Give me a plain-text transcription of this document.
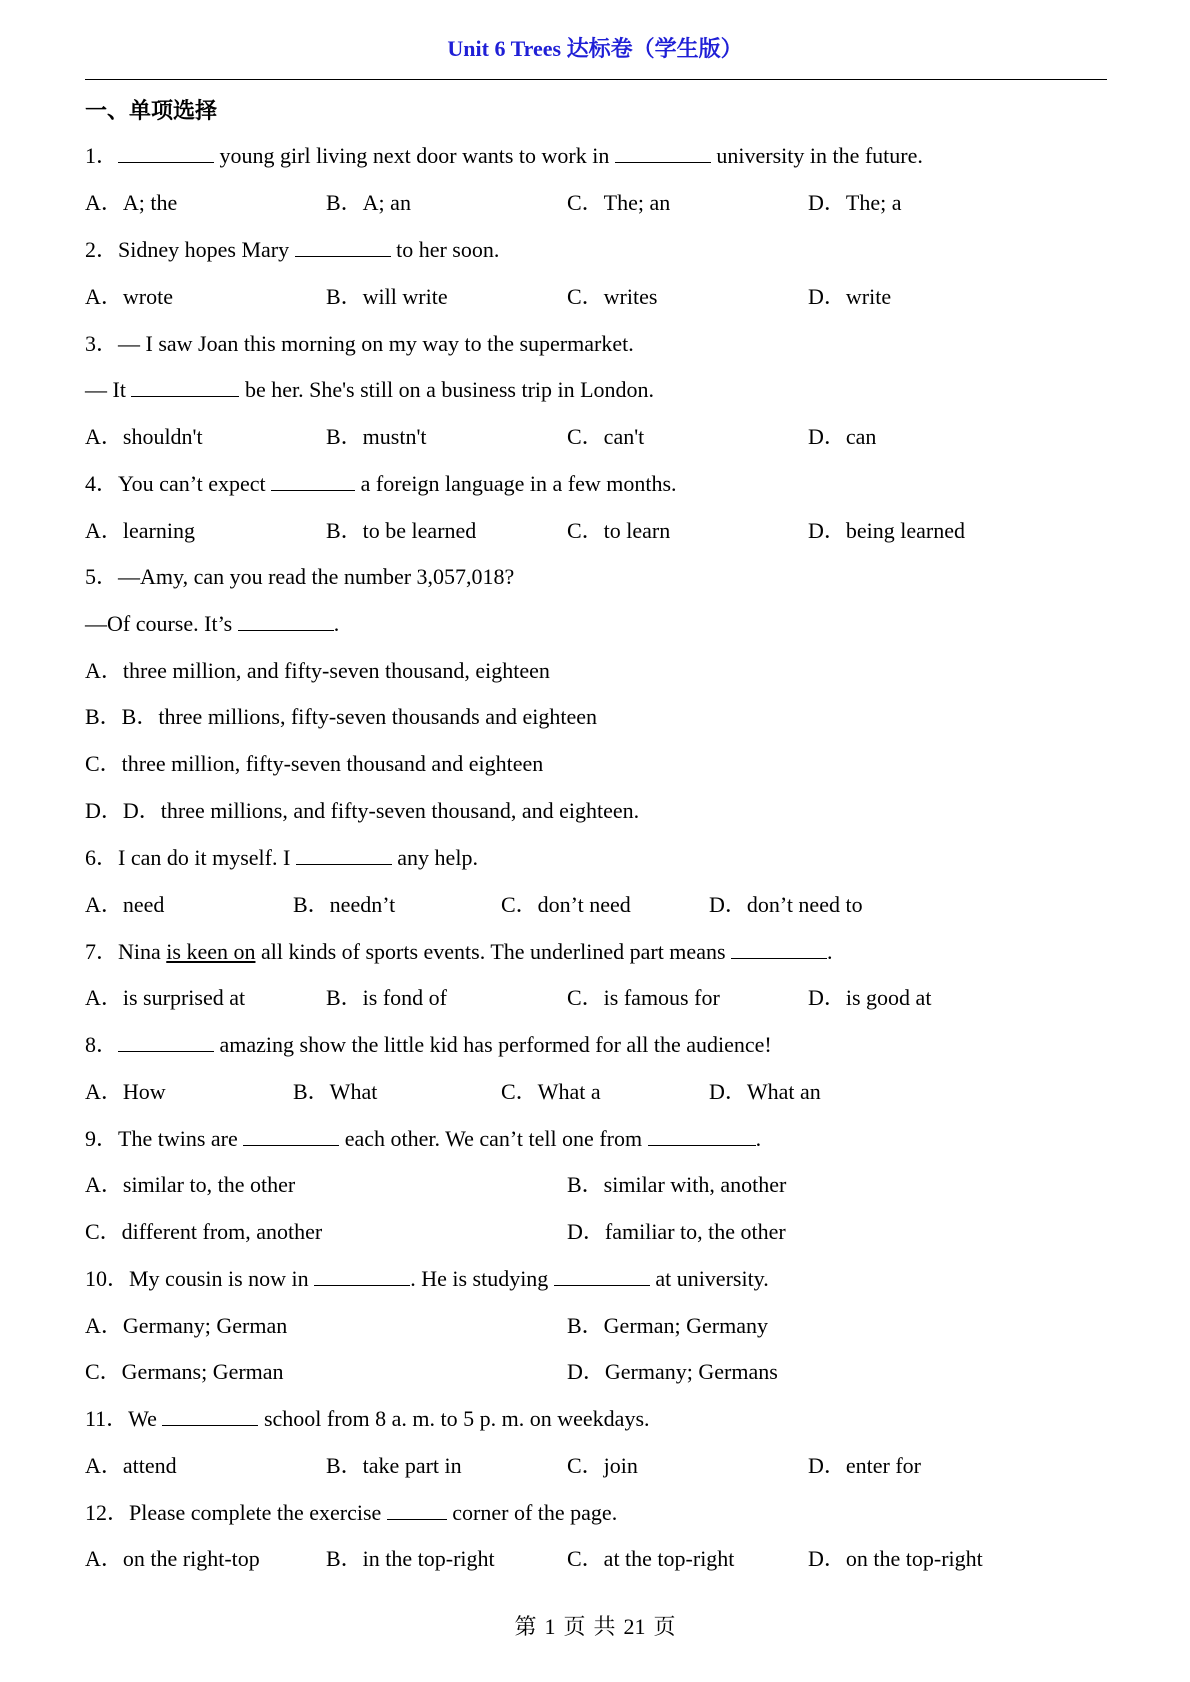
Unit 6 Trees 达标卷（学生版）
一、单项选择
1．	young girl living next door wants to work in	university in the future.
A．A; the	B．A; an	C．The; an	D．The; a
2．Sidney hopes Mary	to her soon.
A．wrote	B．will write	C．writes	D．write
3．— I saw Joan this morning on my way to the supermarket.
— It	be her. She's still on a business trip in London.
A．shouldn't	B．mustn't	C．can't	D．can
4．You can’t expect	a foreign language in a few months.
A．learning	B．to be learned	C．to learn	D．being learned
5．—Amy, can you read the number 3,057,018?
—Of course. It’s	.
A．three million, and fifty-seven thousand, eighteen
B．B．three millions, fifty-seven thousands and eighteen
C．three million, fifty-seven thousand and eighteen
D．D．three millions, and fifty-seven thousand, and eighteen.
6．I can do it myself. I	any help.
A．need	B．needn’t	C．don’t need	D．don’t need to
7．Nina is keen on all kinds of sports events. The underlined part means	.
A．is surprised at	B．is fond of	C．is famous for	D．is good at
8．	amazing show the little kid has performed for all the audience!
A．How	B．What	C．What a	D．What an
9．The twins are	each other. We can’t tell one from	.
A．similar to, the other	B．similar with, another
C．different from, another	D．familiar to, the other
10．My cousin is now in	. He is studying	at university.
A．Germany; German	B．German; Germany
C．Germans; German	D．Germany; Germans
11．We	school from 8 a. m. to 5 p. m. on weekdays.
A．attend	B．take part in	C．join	D．enter for
12．Please complete the exercise	corner of the page.
A．on the right-top	B．in the top-right	C．at the top-right	D．on the top-right
第 1 页 共 21 页
